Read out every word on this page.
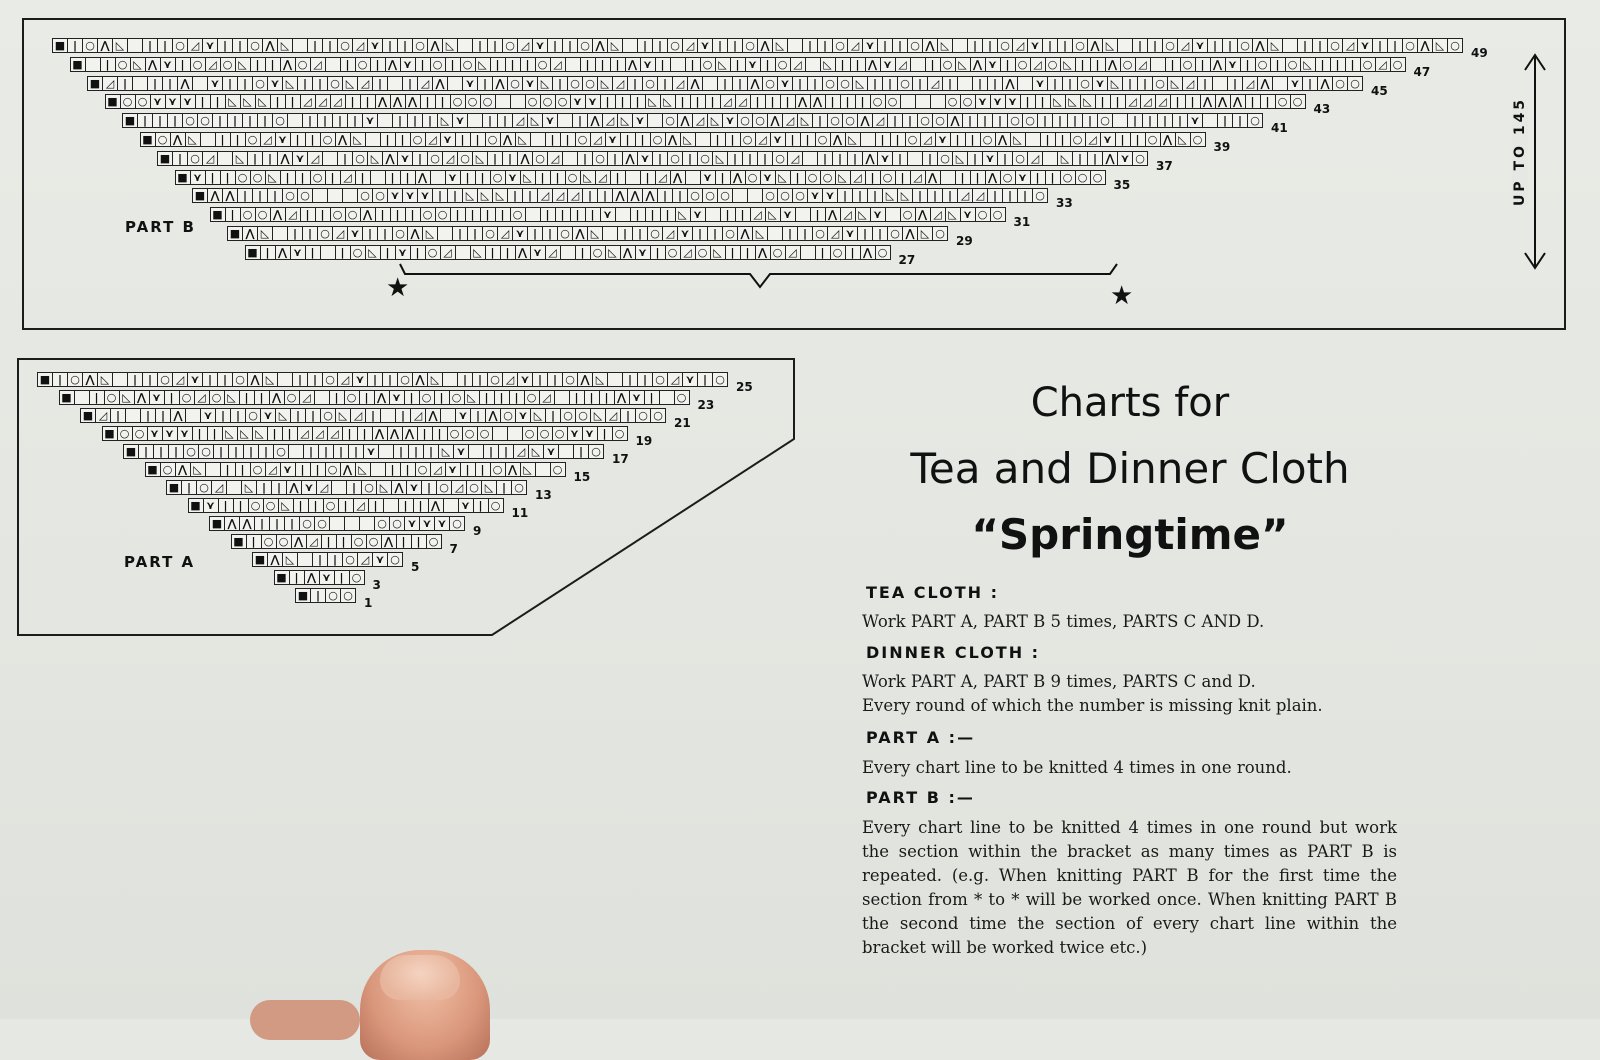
■ | ○ ⋀ ◺	| | ○ ◿ ⋎ | | ○ ⋀ ◺	| | ○ ◿ ⋎ | | ○ ⋀ ◺	| | ○ ◿ ⋎ | | ○ ⋀ ◺	| | ○ ◿ ⋎ | | ○ ⋀ ◺	| | ○ ◿ ⋎ | | ○ ⋀ ◺	| | ○ ◿ ⋎ | | ○ ⋀ ◺	| | ○ ◿ ⋎ | | ○ ⋀ ◺	| | ○ ◿ ⋎ | | ○ ⋀ ◺ ○
49
■	| ○ ◺ ⋀ ⋎ | ○ ◿ ○ ◺ | | ⋀ ○ ◿	| ○ | ⋀ ⋎ | ○ | ○ ◺ | | | ○ ◿	| | | ⋀ ⋎ |	| ○ ◺ | ⋎ | ○ ◿	◺ | | ⋀ ⋎ ◿	| ○ ◺ ⋀ ⋎ | ○ ◿ ○ ◺ | | ⋀ ○ ◿	| ○ | ⋀ ⋎ | ○ | ○ ◺ | | | ○ ◿ ○
47
■ ◿ |	| | ⋀	⋎ | | ○ ⋎ ◺ | | ○ ◺ ◿ |	| ◿ ⋀	⋎ | ⋀ ○ ⋎ ◺ | ○ ○ ◺ ◿ | ○ | ◿ ⋀	| | ⋀ ○ ⋎ | | ○ ○ ◺ | | ○ | ◿ |	| | ⋀	⋎ | | ○ ⋎ ◺ | | ○ ◺ ◿ |	| ◿ ⋀	⋎ | ⋀ ○ ○
45
■ ○ ○ ⋎ ⋎ ⋎ | | ◺ ◺ ◺ | | ◿ ◿ ◿ | | ⋀ ⋀ ⋀ | | ○ ○ ○	○ ○ ○ ⋎ ⋎ | | | ◺ ◺ | | | ◿ ◿ | | | ⋀ ⋀ | | | ○ ○	○ ○ ⋎ ⋎ ⋎ | | ◺ ◺ ◺ | | ◿ ◿ ◿ | | ⋀ ⋀ ⋀ | | ○ ○
43
■ | | | ○ ○ | | | | ○	| | | | ⋎	| | | ◺ ⋎	| | ◿ ◺ ⋎	| ⋀ ◿ ◺ ⋎	○ ⋀ ◿ ◺ ⋎ ○ ○ ⋀ ◿ ◺ | ○ ○ ⋀ ◿ | | ○ ○ ⋀ | | | ○ ○ | | | | ○	| | | | ⋎	| | ○
41
■ ○ ⋀ ◺	| | ○ ◿ ⋎ | | ○ ⋀ ◺	| | ○ ◿ ⋎ | | ○ ⋀ ◺	| | ○ ◿ ⋎ | | ○ ⋀ ◺	| | ○ ◿ ⋎ | | ○ ⋀ ◺	| | ○ ◿ ⋎ | | ○ ⋀ ◺	| | ○ ◿ ⋎ | | ○ ⋀ ◺ ○
39
■ | ○ ◿	◺ | | ⋀ ⋎ ◿	| ○ ◺ ⋀ ⋎ | ○ ◿ ○ ◺ | | ⋀ ○ ◿	| ○ | ⋀ ⋎ | ○ | ○ ◺ | | | ○ ◿	| | | ⋀ ⋎ |	| ○ ◺ | ⋎ | ○ ◿	◺ | | ⋀ ⋎ ○
37
■ ⋎ | | ○ ○ ◺ | | ○ | ◿ |	| | ⋀	⋎ | | ○ ⋎ ◺ | | ○ ◺ ◿ |	| ◿ ⋀	⋎ | ⋀ ○ ⋎ ◺ | ○ ○ ◺ ◿ | ○ | ◿ ⋀	| | ⋀ ○ ⋎ | | ○ ○ ○
35
■ ⋀ ⋀ | | | ○ ○	○ ○ ⋎ ⋎ ⋎ | | ◺ ◺ ◺ | | ◿ ◿ ◿ | | ⋀ ⋀ ⋀ | | ○ ○ ○	○ ○ ○ ⋎ ⋎ | | | ◺ ◺ | | | ◿ ◿ | | | ○
33
■ | ○ ○ ⋀ ◿ | | ○ ○ ⋀ | | | ○ ○ | | | | ○	| | | | ⋎	| | | ◺ ⋎	| | ◿ ◺ ⋎	| ⋀ ◿ ◺ ⋎	○ ⋀ ◿ ◺ ⋎ ○ ○
31
■ ⋀ ◺	| | ○ ◿ ⋎ | | ○ ⋀ ◺	| | ○ ◿ ⋎ | | ○ ⋀ ◺	| | ○ ◿ ⋎ | | ○ ⋀ ◺	| | ○ ◿ ⋎ | | ○ ⋀ ◺ ○
29
■ | ⋀ ⋎ |	| ○ ◺ | ⋎ | ○ ◿	◺ | | ⋀ ⋎ ◿	| ○ ◺ ⋀ ⋎ | ○ ◿ ○ ◺ | | ⋀ ○ ◿	| ○ | ⋀ ○
27
PART B
★	★
UP TO 145
■ | ○ ⋀ ◺	| | ○ ◿ ⋎ | | ○ ⋀ ◺	| | ○ ◿ ⋎ | | ○ ⋀ ◺	| | ○ ◿ ⋎ | | ○ ⋀ ◺	| | ○ ◿ ⋎ | ○
25
■	| ○ ◺ ⋀ ⋎ | ○ ◿ ○ ◺ | | ⋀ ○ ◿	| ○ | ⋀ ⋎ | ○ | ○ ◺ | | | ○ ◿	| | | ⋀ ⋎ |	○
23
■ ◿ |	| | ⋀	⋎ | | ○ ⋎ ◺ | | ○ ◺ ◿ |	| ◿ ⋀	⋎ | ⋀ ○ ⋎ ◺ | ○ ○ ◺ ◿ | ○ ○
21
■ ○ ○ ⋎ ⋎ ⋎ | | ◺ ◺ ◺ | | ◿ ◿ ◿ | | ⋀ ⋀ ⋀ | | ○ ○ ○	○ ○ ○ ⋎ ⋎ | ○
19
■ | | | ○ ○ | | | | ○	| | | | ⋎	| | | ◺ ⋎	| | ◿ ◺ ⋎	| ○
17
■ ○ ⋀ ◺	| | ○ ◿ ⋎ | | ○ ⋀ ◺	| | ○ ◿ ⋎ | | ○ ⋀ ◺	○
15
■ | ○ ◿	◺ | | ⋀ ⋎ ◿	| ○ ◺ ⋀ ⋎ | ○ ◿ ○ ◺ | ○
13
■ ⋎ | | ○ ○ ◺ | | ○ | ◿ |	| | ⋀	⋎ | ○
11
■ ⋀ ⋀ | | | ○ ○	○ ○ ⋎ ⋎ ⋎ ○
9
■ | ○ ○ ⋀ ◿ | | ○ ○ ⋀ | | ○
7
■ ⋀ ◺	| | ○ ◿ ⋎ ○
5
■ | ⋀ ⋎ | ○
3
■ | ○ ○
1
PART A
Charts for
Tea and Dinner Cloth
“Springtime”
TEA CLOTH :
Work PART A, PART B 5 times, PARTS C AND D.
DINNER CLOTH :
Work PART A, PART B 9 times, PARTS C and D.
Every round of which the number is missing knit plain.
PART A :—
Every chart line to be knitted 4 times in one round.
PART B :—
Every chart line to be knitted 4 times in one round but work the section within the bracket as many times as PART B is repeated. (e.g. When knitting PART B for the first time the section from * to * will be worked once. When knitting PART B the second time the section of every chart line within the bracket will be worked twice etc.)
